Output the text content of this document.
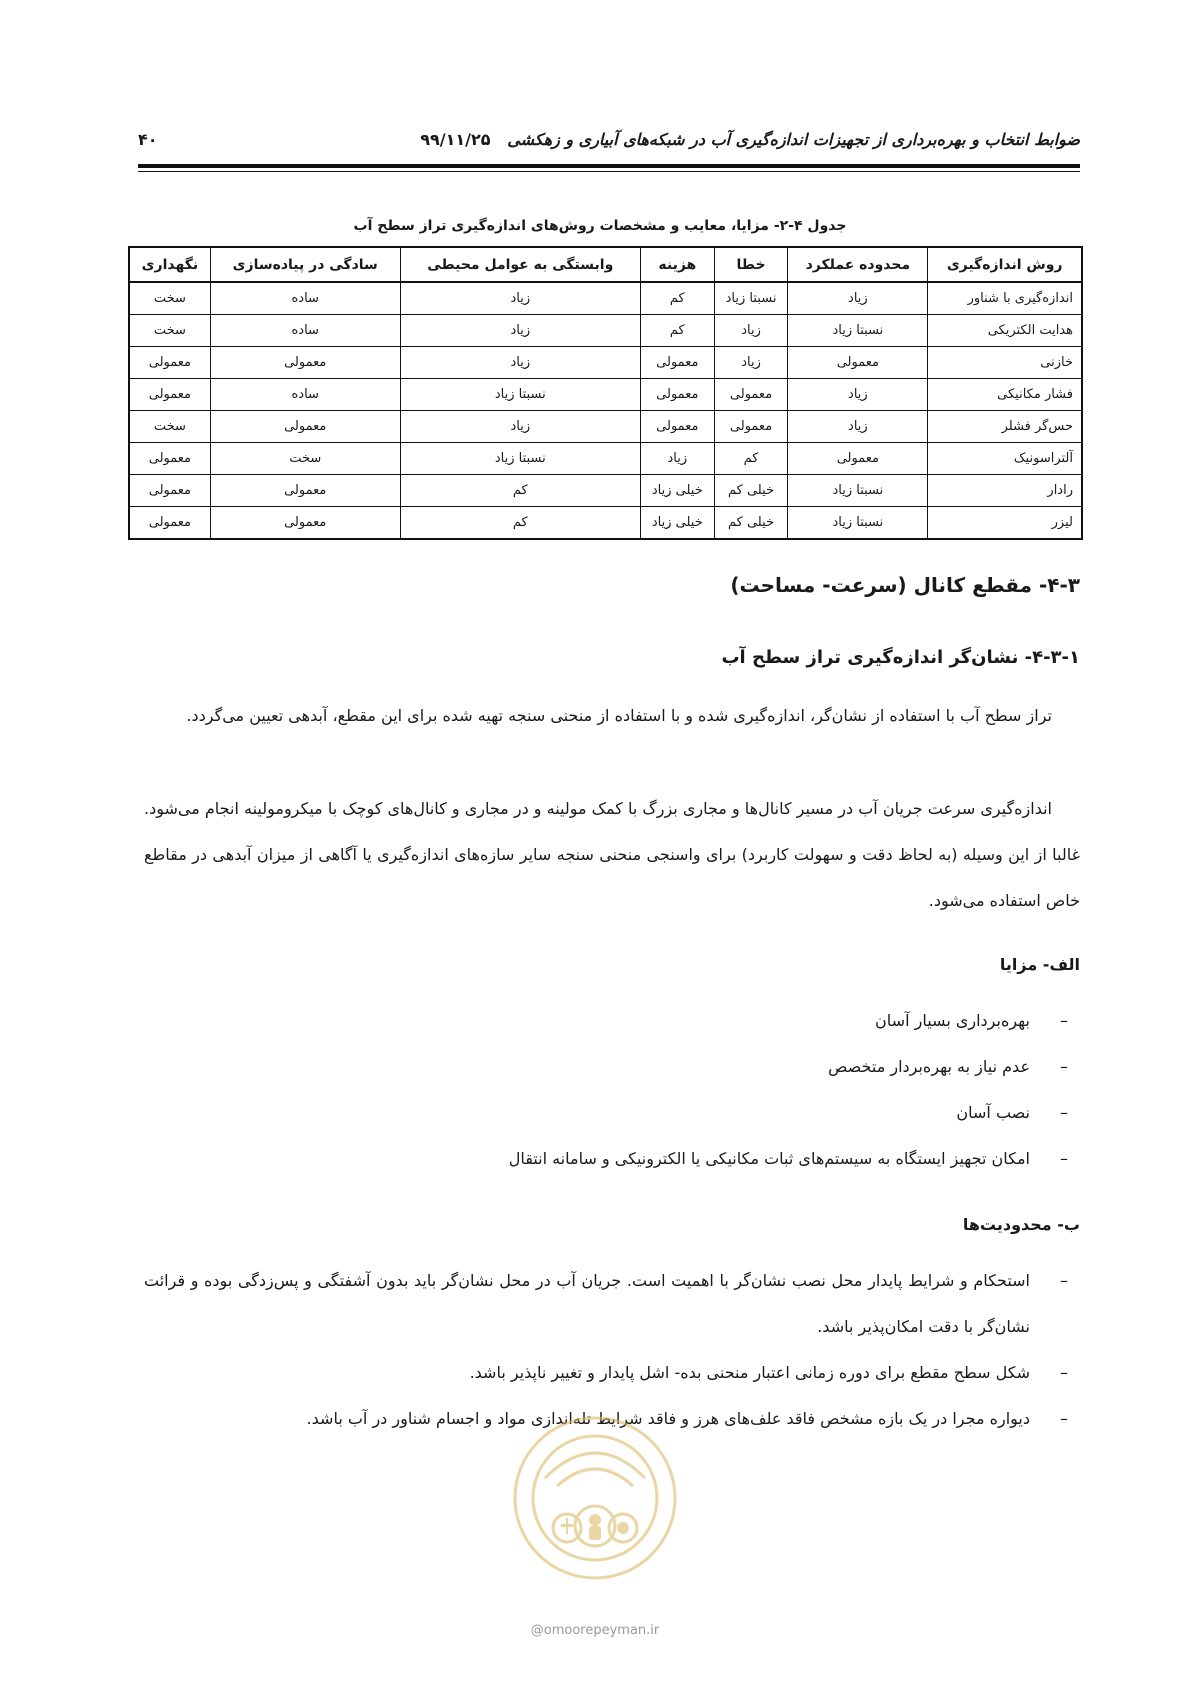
ضوابط انتخاب و بهره‌برداری از تجهیزات اندازه‌گیری آب در شبکه‌های آبیاری و زهکشی   ۹۹/۱۱/۲۵
۴۰
جدول ۴-۲- مزایا، معایب و مشخصات روش‌های اندازه‌گیری تراز سطح آب
روش اندازه‌گیری	محدوده عملکرد	خطا	هزینه	وابستگی به عوامل محیطی	سادگی در پیاده‌سازی	نگهداری
اندازه‌گیری با شناور	زیاد	نسبتا زیاد	کم	زیاد	ساده	سخت
هدایت الکتریکی	نسبتا زیاد	زیاد	کم	زیاد	ساده	سخت
خازنی	معمولی	زیاد	معمولی	زیاد	معمولی	معمولی
فشار مکانیکی	زیاد	معمولی	معمولی	نسبتا زیاد	ساده	معمولی
حس‌گر فشلر	زیاد	معمولی	معمولی	زیاد	معمولی	سخت
آلتراسونیک	معمولی	کم	زیاد	نسبتا زیاد	سخت	معمولی
رادار	نسبتا زیاد	خیلی کم	خیلی زیاد	کم	معمولی	معمولی
لیزر	نسبتا زیاد	خیلی کم	خیلی زیاد	کم	معمولی	معمولی
۴-۳- مقطع کانال (سرعت- مساحت)
۴-۳-۱- نشان‌گر اندازه‌گیری تراز سطح آب
تراز سطح آب با استفاده از نشان‌گر، اندازه‌گیری شده و با استفاده از منحنی سنجه تهیه شده برای این مقطع، آبدهی تعیین می‌گردد.
اندازه‌گیری سرعت جریان آب در مسیر کانال‌ها و مجاری بزرگ با کمک مولینه و در مجاری و کانال‌های کوچک با میکرومولینه انجام می‌شود. غالبا از این وسیله (به لحاظ دقت و سهولت کاربرد) برای واسنجی منحنی سنجه سایر سازه‌های اندازه‌گیری یا آگاهی از میزان آبدهی در مقاطع خاص استفاده می‌شود.
الف- مزایا
–
بهره‌برداری بسیار آسان
–
عدم نیاز به بهره‌بردار متخصص
–
نصب آسان
–
امکان تجهیز ایستگاه به سیستم‌های ثبات مکانیکی یا الکترونیکی و سامانه انتقال
ب- محدودیت‌ها
–
استحکام و شرایط پایدار محل نصب نشان‌گر با اهمیت است. جریان آب در محل نشان‌گر باید بدون آشفتگی و پس‌زدگی بوده و قرائت نشان‌گر با دقت امکان‌پذیر باشد.
–
شکل سطح مقطع برای دوره زمانی اعتبار منحنی بده- اشل پایدار و تغییر ناپذیر باشد.
–
دیواره مجرا در یک بازه مشخص فاقد علف‌های هرز و فاقد شرایط تله‌اندازی مواد و اجسام شناور در آب باشد.
@omoorepeyman.ir
